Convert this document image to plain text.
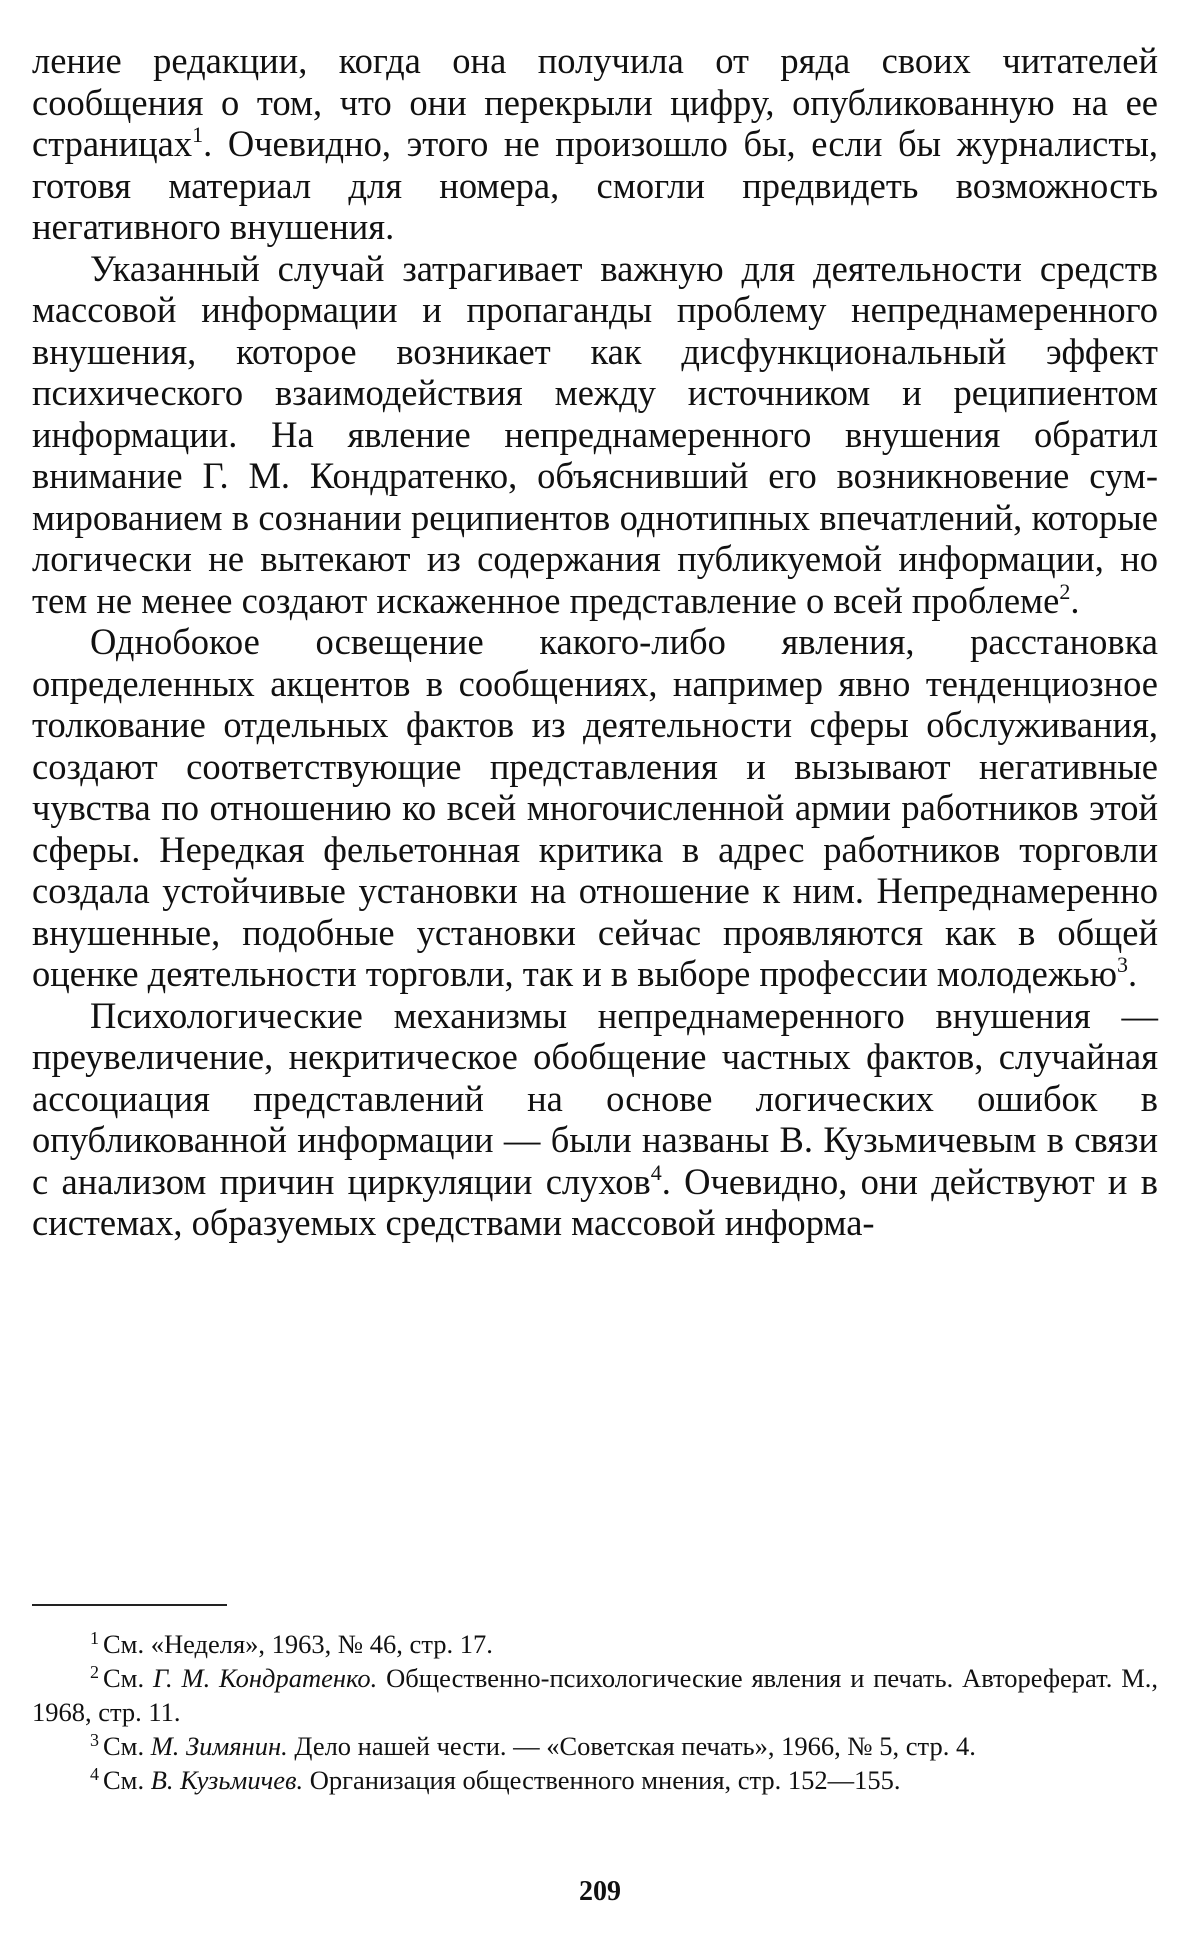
ление редакции, когда она получила от ряда своих читателей сообщения о том, что они перекрыли цифру, опубликованную на ее страницах$^1$. Очевидно, этого не произошло бы, если бы журналисты, готовя материал для номера, смогли предвидеть возможность негативного внушения.

Указанный случай затрагивает важную для деятельности средств массовой информации и пропаганды проблему непреднамеренного внушения, которое возникает как дисфункциональный эффект психического взаимодействия между источником и реципиентом информации. На явление непреднамеренного внушения обратил внимание Г. М. Кондратенко, объяснивший его возникновение суммированием в сознании реципиентов однотипных впечатлений, которые логически не вытекают из содержания публикуемой информации, но тем не менее создают искаженное представление о всей проблеме$^2$.

Однобокое освещение какого-либо явления, расстановка определенных акцентов в сообщениях, например явно тенденциозное толкование отдельных фактов из деятельности сферы обслуживания, создают соответствующие представления и вызывают негативные чувства по отношению ко всей многочисленной армии работников этой сферы. Нередкая фельетонная критика в адрес работников торговли создала устойчивые установки на отношение к ним. Непреднамеренно внушенные, подобные установки сейчас проявляются как в общей оценке деятельности торговли, так и в выборе профессии молодежью$^3$.

Психологические механизмы непреднамеренного внушения — преувеличение, некритическое обобщение частных фактов, случайная ассоциация представлений на основе логических ошибок в опубликованной информации — были названы В. Кузьмичевым в связи с анализом причин циркуляции слухов$^4$. Очевидно, они действуют и в системах, образуемых средствами массовой информа-

$^1$ См. «Неделя», 1963, № 46, стр. 17.

$^2$ См. Г. М. Кондратенко. Общественно-психологические явления и печать. Автореферат. М., 1968, стр. 11.

$^3$ См. М. Зимянин. Дело нашей чести. — «Советская печать», 1966, № 5, стр. 4.

$^4$ См. В. Кузьмичев. Организация общественного мнения, стр. 152—155.

209
